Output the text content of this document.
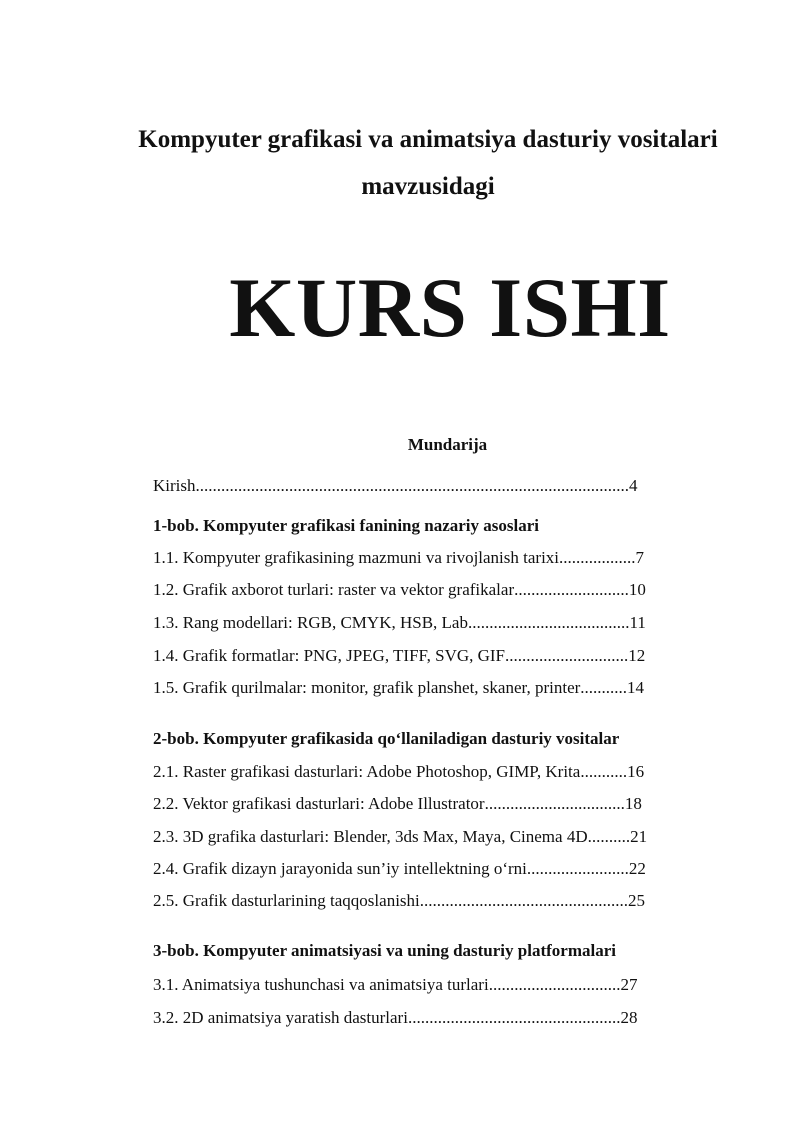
Kompyuter grafikasi va animatsiya dasturiy vositalari

mavzusidagi

KURS ISHI

Mundarija

Kirish ...................................................................................................... 4
1-bob. Kompyuter grafikasi fanining nazariy asoslari
1.1. Kompyuter grafikasining mazmuni va rivojlanish tarixi .................. 7
1.2. Grafik axborot turlari: raster va vektor grafikalar ........................... 10
1.3. Rang modellari: RGB, CMYK, HSB, Lab ...................................... 11
1.4. Grafik formatlar: PNG, JPEG, TIFF, SVG, GIF ............................. 12
1.5. Grafik qurilmalar: monitor, grafik planshet, skaner, printer ........... 14
2-bob. Kompyuter grafikasida qo‘llaniladigan dasturiy vositalar
2.1. Raster grafikasi dasturlari: Adobe Photoshop, GIMP, Krita ........... 16
2.2. Vektor grafikasi dasturlari: Adobe Illustrator ................................. 18
2.3. 3D grafika dasturlari: Blender, 3ds Max, Maya, Cinema 4D .......... 21
2.4. Grafik dizayn jarayonida sun’iy intellektning o‘rni ........................ 22
2.5. Grafik dasturlarining taqqoslanishi ................................................. 25
3-bob. Kompyuter animatsiyasi va uning dasturiy platformalari
3.1. Animatsiya tushunchasi va animatsiya turlari ............................... 27
3.2. 2D animatsiya yaratish dasturlari .................................................. 28
